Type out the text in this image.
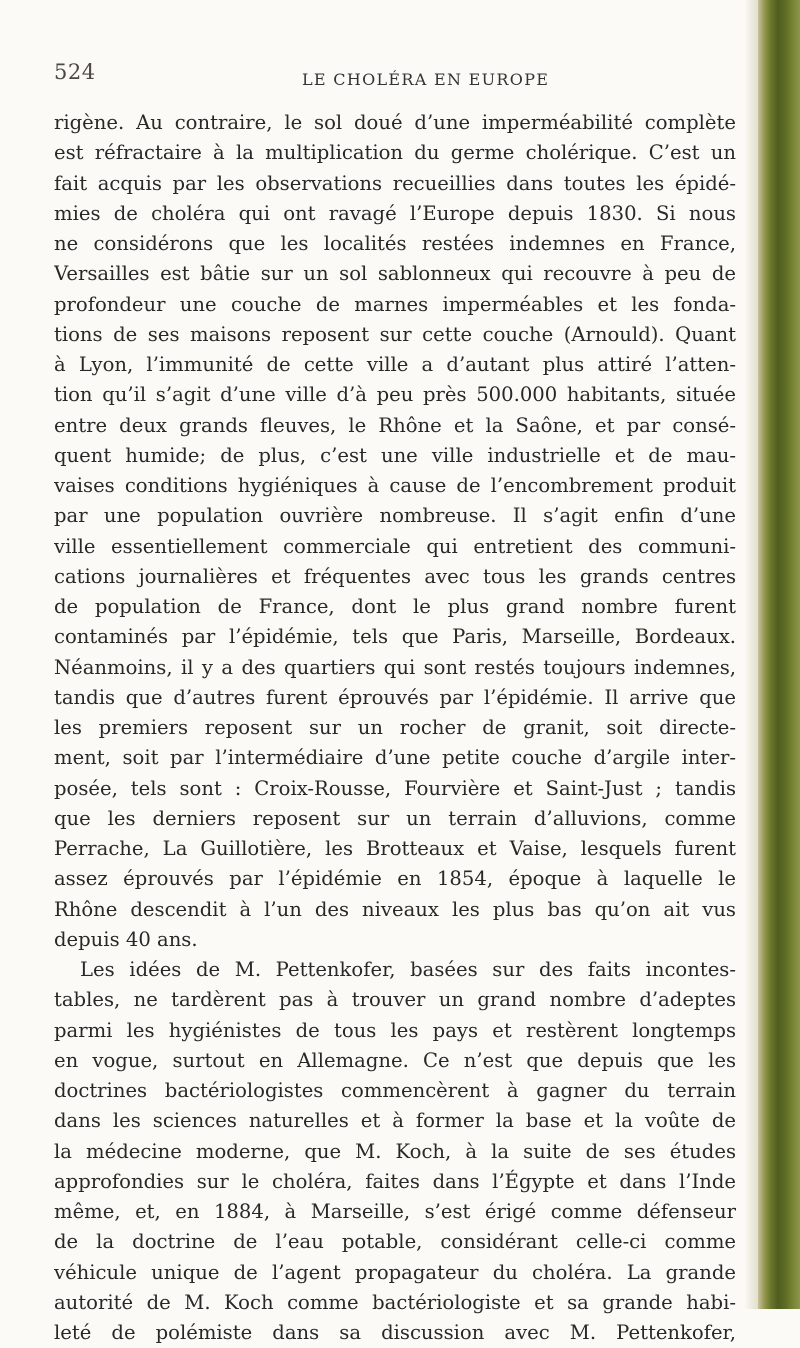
524	LE CHOLÉRA EN EUROPE
rigène. Au contraire, le sol doué d’une imperméabilité complète
est réfractaire à la multiplication du germe cholérique. C’est un
fait acquis par les observations recueillies dans toutes les épidé-
mies de choléra qui ont ravagé l’Europe depuis 1830. Si nous
ne considérons que les localités restées indemnes en France,
Versailles est bâtie sur un sol sablonneux qui recouvre à peu de
profondeur une couche de marnes imperméables et les fonda-
tions de ses maisons reposent sur cette couche (Arnould). Quant
à Lyon, l’immunité de cette ville a d’autant plus attiré l’atten-
tion qu’il s’agit d’une ville d’à peu près 500.000 habitants, située
entre deux grands fleuves, le Rhône et la Saône, et par consé-
quent humide; de plus, c’est une ville industrielle et de mau-
vaises conditions hygiéniques à cause de l’encombrement produit
par une population ouvrière nombreuse. Il s’agit enfin d’une
ville essentiellement commerciale qui entretient des communi-
cations journalières et fréquentes avec tous les grands centres
de population de France, dont le plus grand nombre furent
contaminés par l’épidémie, tels que Paris, Marseille, Bordeaux.
Néanmoins, il y a des quartiers qui sont restés toujours indemnes,
tandis que d’autres furent éprouvés par l’épidémie. Il arrive que
les premiers reposent sur un rocher de granit, soit directe-
ment, soit par l’intermédiaire d’une petite couche d’argile inter-
posée, tels sont : Croix-Rousse, Fourvière et Saint-Just ; tandis
que les derniers reposent sur un terrain d’alluvions, comme
Perrache, La Guillotière, les Brotteaux et Vaise, lesquels furent
assez éprouvés par l’épidémie en 1854, époque à laquelle le
Rhône descendit à l’un des niveaux les plus bas qu’on ait vus
depuis 40 ans.
Les idées de M. Pettenkofer, basées sur des faits incontes-
tables, ne tardèrent pas à trouver un grand nombre d’adeptes
parmi les hygiénistes de tous les pays et restèrent longtemps
en vogue, surtout en Allemagne. Ce n’est que depuis que les
doctrines bactériologistes commencèrent à gagner du terrain
dans les sciences naturelles et à former la base et la voûte de
la médecine moderne, que M. Koch, à la suite de ses études
approfondies sur le choléra, faites dans l’Égypte et dans l’Inde
même, et, en 1884, à Marseille, s’est érigé comme défenseur
de la doctrine de l’eau potable, considérant celle-ci comme
véhicule unique de l’agent propagateur du choléra. La grande
autorité de M. Koch comme bactériologiste et sa grande habi-
leté de polémiste dans sa discussion avec M. Pettenkofer,
